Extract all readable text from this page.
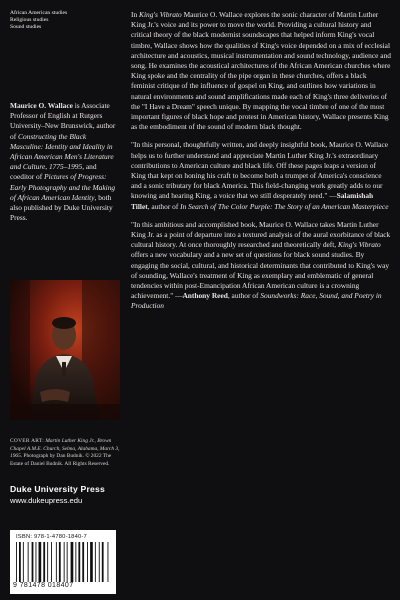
African American studies
Religious studies
Sound studies

Maurice O. Wallace is Associate Professor of English at Rutgers University–New Brunswick, author of Constructing the Black Masculine: Identity and Ideality in African American Men's Literature and Culture, 1775–1995, and coeditor of Pictures of Progress: Early Photography and the Making of African American Identity, both also published by Duke University Press.

COVER ART: Martin Luther King Jr., Brown Chapel A.M.E. Church, Selma, Alabama, March 3, 1965. Photograph by Dan Budnik. © 2022 The Estate of Daniel Budnik. All Rights Reserved.
Duke University Press
www.dukeupress.edu
ISBN: 978-1-4780-1840-7
9 781478 018407

In King's Vibrato Maurice O. Wallace explores the sonic character of Martin Luther King Jr.'s voice and its power to move the world. Providing a cultural history and critical theory of the black modernist soundscapes that helped inform King's vocal timbre, Wallace shows how the qualities of King's voice depended on a mix of ecclesial architecture and acoustics, musical instrumentation and sound technology, audience and song. He examines the acoustical architectures of the African American churches where King spoke and the centrality of the pipe organ in these churches, offers a black feminist critique of the influence of gospel on King, and outlines how variations in natural environments and sound amplifications made each of King's three deliveries of the "I Have a Dream" speech unique. By mapping the vocal timbre of one of the most important figures of black hope and protest in American history, Wallace presents King as the embodiment of the sound of modern black thought.

"In this personal, thoughtfully written, and deeply insightful book, Maurice O. Wallace helps us to further understand and appreciate Martin Luther King Jr.'s extraordinary contributions to American culture and black life. Off these pages leaps a version of King that kept on honing his craft to become both a trumpet of America's conscience and a sonic tributary for black America. This field-changing work greatly adds to our knowing and hearing King, a voice that we still desperately need." —Salamishah Tillet, author of In Search of The Color Purple: The Story of an American Masterpiece

"In this ambitious and accomplished book, Maurice O. Wallace takes Martin Luther King Jr. as a point of departure into a textured analysis of the aural exorbitance of black cultural history. At once thoroughly researched and theoretically deft, King's Vibrato offers a new vocabulary and a new set of questions for black sound studies. By engaging the social, cultural, and historical determinants that contributed to King's way of sounding, Wallace's treatment of King as exemplary and emblematic of general tendencies within post-Emancipation African American culture is a crowning achievement." —Anthony Reed, author of Soundworks: Race, Sound, and Poetry in Production
